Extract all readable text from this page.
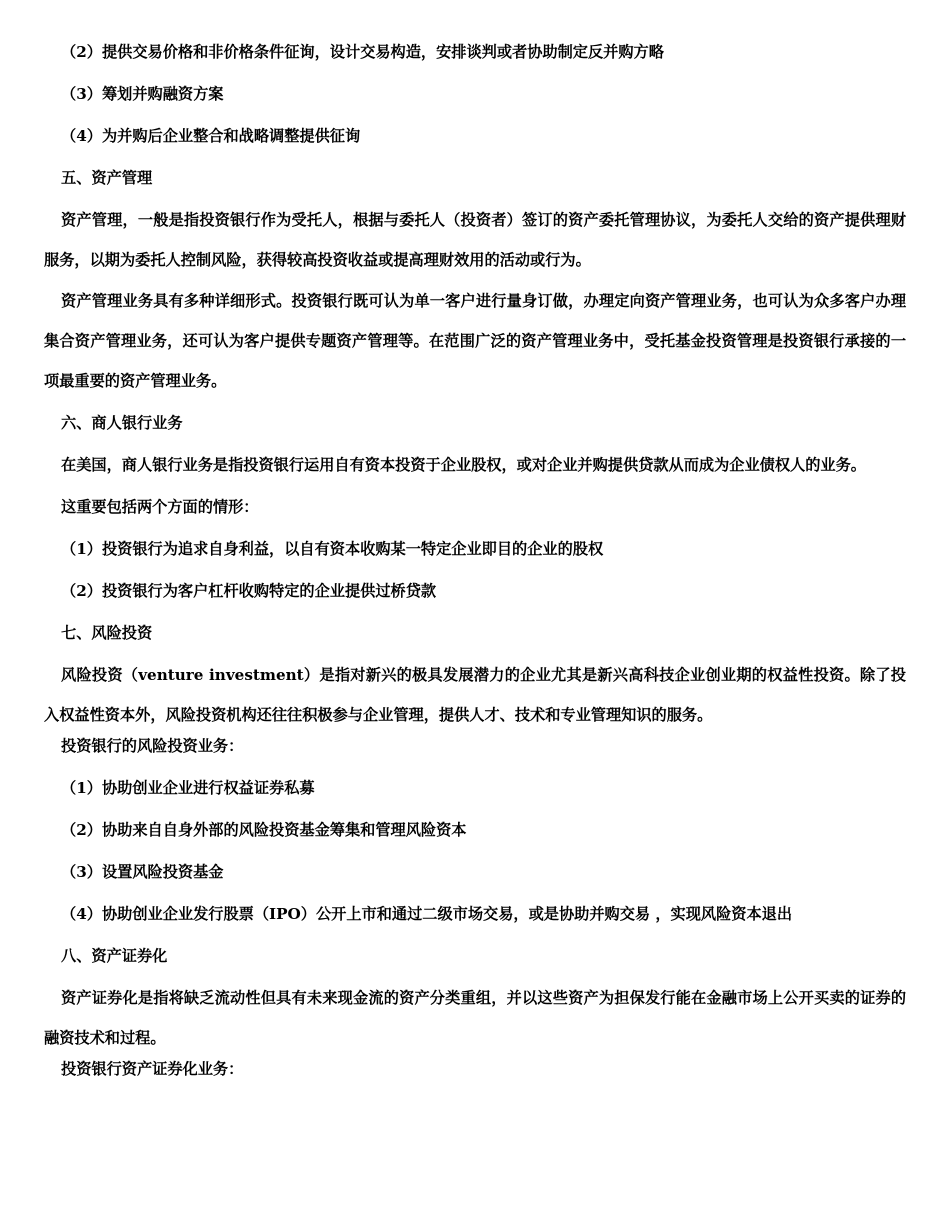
（2）提供交易价格和非价格条件征询，设计交易构造，安排谈判或者协助制定反并购方略
（3）筹划并购融资方案
（4）为并购后企业整合和战略调整提供征询
五、资产管理
资产管理，一般是指投资银行作为受托人，根据与委托人（投资者）签订的资产委托管理协议，为委托人交给的资产提供理财服务，以期为委托人控制风险，获得较高投资收益或提高理财效用的活动或行为。
资产管理业务具有多种详细形式。投资银行既可认为单一客户进行量身订做，办理定向资产管理业务，也可认为众多客户办理集合资产管理业务，还可认为客户提供专题资产管理等。在范围广泛的资产管理业务中，受托基金投资管理是投资银行承接的一项最重要的资产管理业务。
六、商人银行业务
在美国，商人银行业务是指投资银行运用自有资本投资于企业股权，或对企业并购提供贷款从而成为企业债权人的业务。
这重要包括两个方面的情形：
（1）投资银行为追求自身利益，以自有资本收购某一特定企业即目的企业的股权
（2）投资银行为客户杠杆收购特定的企业提供过桥贷款
七、风险投资
风险投资（venture investment）是指对新兴的极具发展潜力的企业尤其是新兴高科技企业创业期的权益性投资。除了投入权益性资本外，风险投资机构还往往积极参与企业管理，提供人才、技术和专业管理知识的服务。
投资银行的风险投资业务：
（1）协助创业企业进行权益证券私募
（2）协助来自自身外部的风险投资基金筹集和管理风险资本
（3）设置风险投资基金
（4）协助创业企业发行股票（IPO）公开上市和通过二级市场交易，或是协助并购交易 ，实现风险资本退出
八、资产证券化
资产证券化是指将缺乏流动性但具有未来现金流的资产分类重组，并以这些资产为担保发行能在金融市场上公开买卖的证券的融资技术和过程。
投资银行资产证券化业务：
